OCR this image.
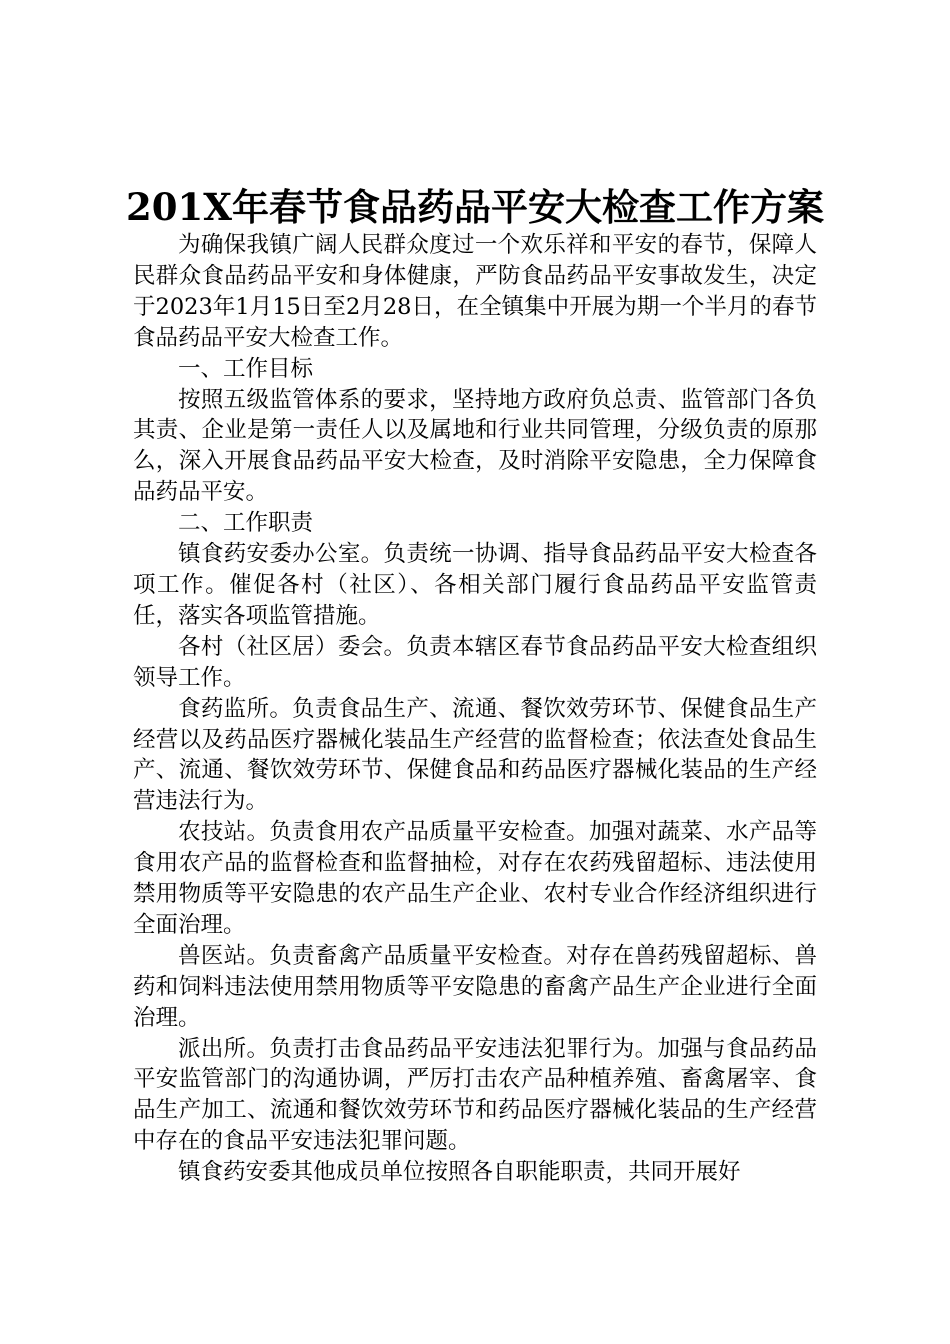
201X年春节食品药品平安大检查工作方案

为确保我镇广阔人民群众度过一个欢乐祥和平安的春节，保障人民群众食品药品平安和身体健康，严防食品药品平安事故发生，决定于2023年1月15日至2月28日，在全镇集中开展为期一个半月的春节食品药品平安大检查工作。

一、工作目标

按照五级监管体系的要求，坚持地方政府负总责、监管部门各负其责、企业是第一责任人以及属地和行业共同管理，分级负责的原那么，深入开展食品药品平安大检查，及时消除平安隐患，全力保障食品药品平安。

二、工作职责

镇食药安委办公室。负责统一协调、指导食品药品平安大检查各项工作。催促各村（社区）、各相关部门履行食品药品平安监管责任，落实各项监管措施。

各村（社区居）委会。负责本辖区春节食品药品平安大检查组织领导工作。

食药监所。负责食品生产、流通、餐饮效劳环节、保健食品生产经营以及药品医疗器械化装品生产经营的监督检查；依法查处食品生产、流通、餐饮效劳环节、保健食品和药品医疗器械化装品的生产经营违法行为。

农技站。负责食用农产品质量平安检查。加强对蔬菜、水产品等食用农产品的监督检查和监督抽检，对存在农药残留超标、违法使用禁用物质等平安隐患的农产品生产企业、农村专业合作经济组织进行全面治理。

兽医站。负责畜禽产品质量平安检查。对存在兽药残留超标、兽药和饲料违法使用禁用物质等平安隐患的畜禽产品生产企业进行全面治理。

派出所。负责打击食品药品平安违法犯罪行为。加强与食品药品平安监管部门的沟通协调，严厉打击农产品种植养殖、畜禽屠宰、食品生产加工、流通和餐饮效劳环节和药品医疗器械化装品的生产经营中存在的食品平安违法犯罪问题。

镇食药安委其他成员单位按照各自职能职责，共同开展好
